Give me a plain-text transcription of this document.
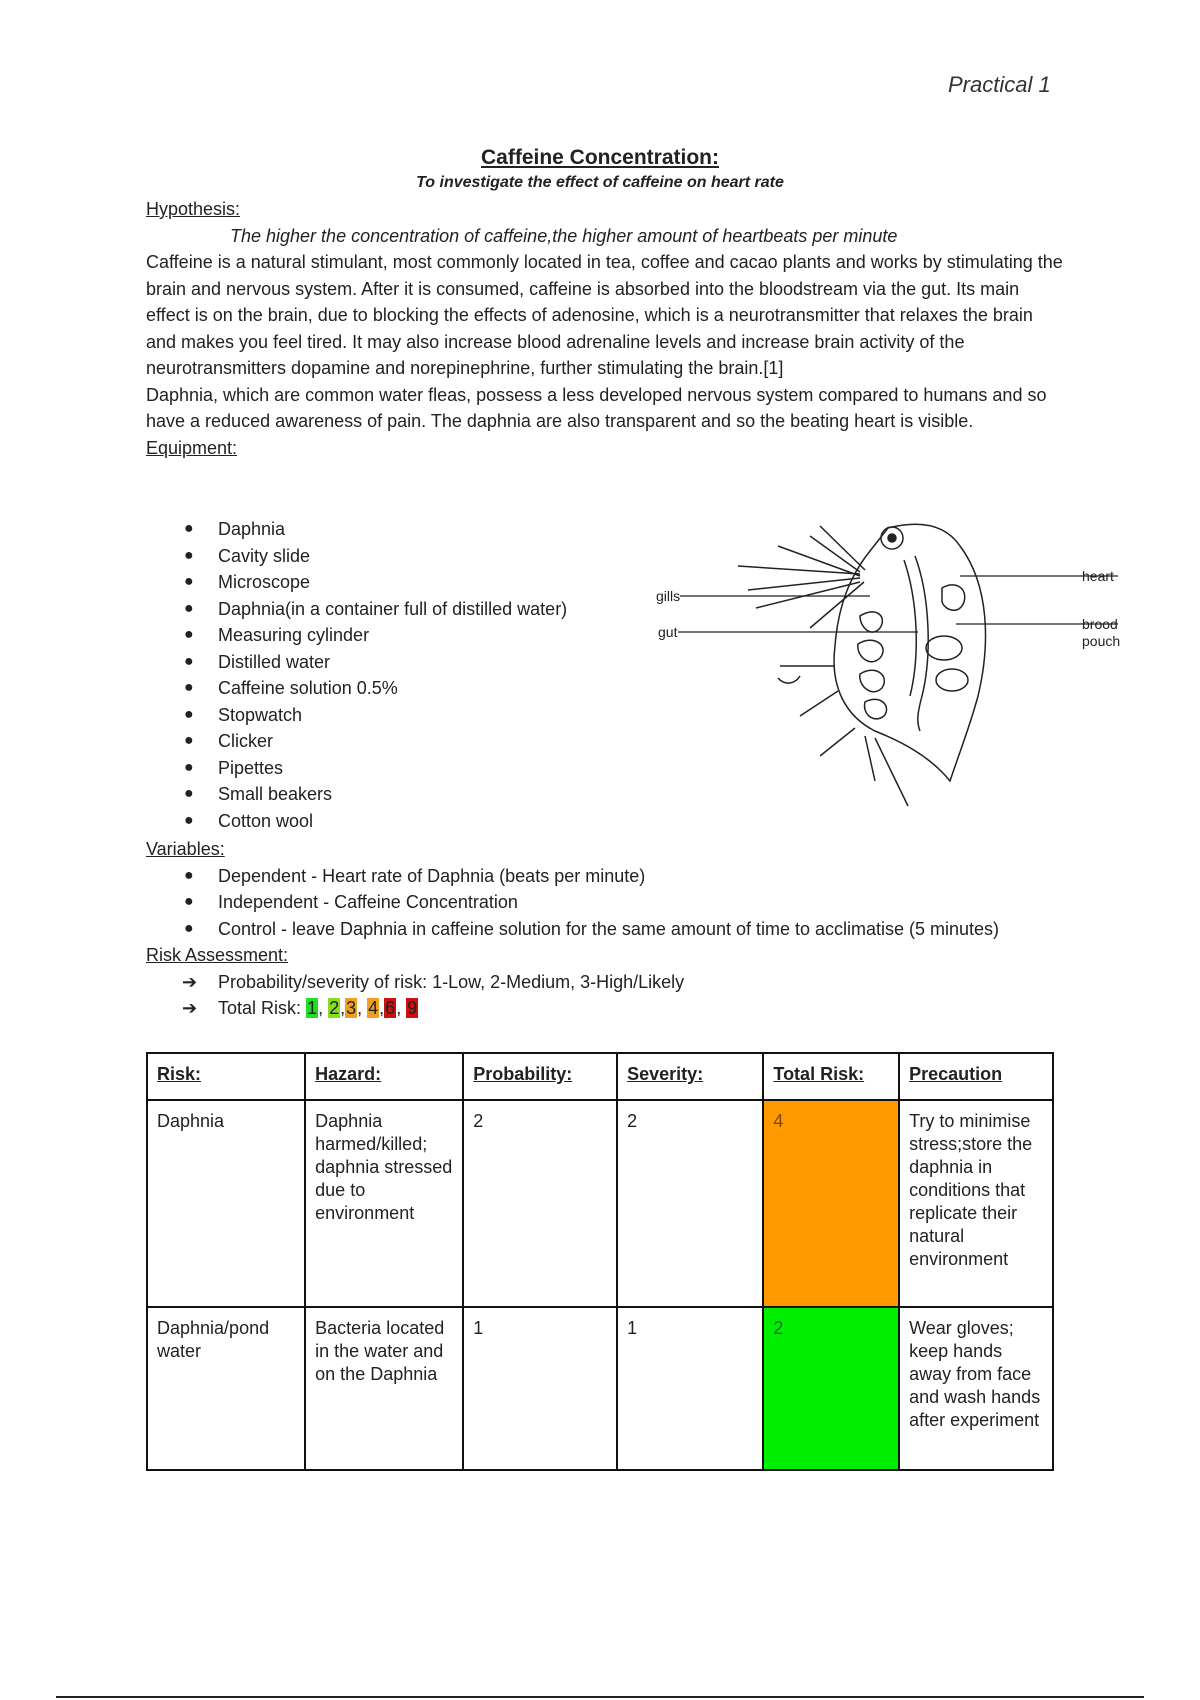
Practical 1
Caffeine Concentration:
To investigate the effect of caffeine on heart rate
Hypothesis:
The higher the concentration of caffeine,the higher amount of heartbeats per minute
Caffeine is a natural stimulant, most commonly located in tea, coffee and cacao plants and works by stimulating the brain and nervous system. After it is consumed, caffeine is absorbed into the bloodstream via the gut. Its main effect is on the brain, due to blocking the effects of adenosine, which is a neurotransmitter that relaxes the brain and makes you feel tired. It may also increase blood adrenaline levels and increase brain activity of the neurotransmitters dopamine and norepinephrine, further stimulating the brain.[1]
Daphnia, which are common water fleas, possess a less developed nervous system compared to humans and so have a reduced awareness of pain. The daphnia are also transparent and so the beating heart is visible.
Equipment:
● Daphnia
● Cavity slide
● Microscope
● Daphnia(in a container full of distilled water)
● Measuring cylinder
● Distilled water
● Caffeine solution 0.5%
● Stopwatch
● Clicker
● Pipettes
● Small beakers
● Cotton wool
gills
gut
heart
brood
pouch
Variables:
● Dependent - Heart rate of Daphnia (beats per minute)
● Independent - Caffeine Concentration
● Control - leave Daphnia in caffeine solution for the same amount of time to acclimatise (5 minutes)
Risk Assessment:
➔ Probability/severity of risk: 1-Low, 2-Medium, 3-High/Likely
➔ Total Risk: 1, 2,3, 4,6, 9
Risk:	Hazard:	Probability:	Severity:	Total Risk:	Precaution
Daphnia	Daphnia harmed/killed; daphnia stressed due to environment	2	2	4	Try to minimise stress;store the daphnia in conditions that replicate their natural environment
Daphnia/pond water	Bacteria located in the water and on the Daphnia	1	1	2	Wear gloves; keep hands away from face and wash hands after experiment
